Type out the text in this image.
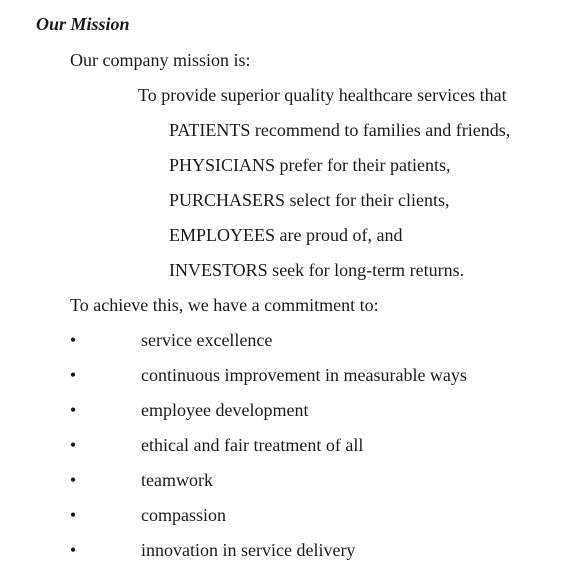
Our Mission
Our company mission is:
To provide superior quality healthcare services that
PATIENTS recommend to families and friends,
PHYSICIANS prefer for their patients,
PURCHASERS select for their clients,
EMPLOYEES are proud of, and
INVESTORS seek for long-term returns.
To achieve this, we have a commitment to:
•	service excellence
•	continuous improvement in measurable ways
•	employee development
•	ethical and fair treatment of all
•	teamwork
•	compassion
•	innovation in service delivery
